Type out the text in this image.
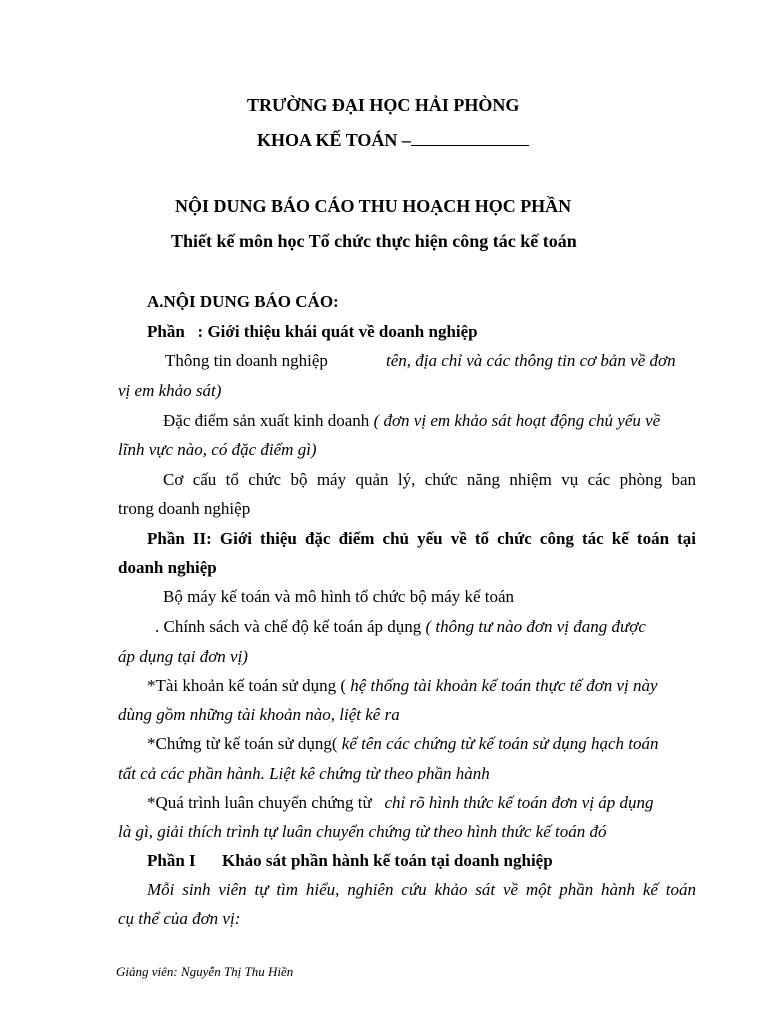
TRƯỜNG ĐẠI HỌC HẢI PHÒNG
KHOA KẾ TOÁN –
NỘI DUNG BÁO CÁO THU HOẠCH HỌC PHẦN
Thiết kế môn học Tổ chức thực hiện công tác kế toán
A.NỘI DUNG BÁO CÁO:
Phần : Giới thiệu khái quát về doanh nghiệp
Thông tin doanh nghiệp	tên, địa chỉ và các thông tin cơ bản về đơn
vị em khảo sát)
Đặc điểm sản xuất kinh doanh ( đơn vị em khảo sát hoạt động chủ yếu về
lĩnh vực nào, có đặc điểm gì)
Cơ cấu tổ chức bộ máy quản lý, chức năng nhiệm vụ các phòng ban
trong doanh nghiệp
Phần II: Giới thiệu đặc điểm chủ yếu về tổ chức công tác kế toán tại
doanh nghiệp
Bộ máy kế toán và mô hình tổ chức bộ máy kế toán
. Chính sách và chế độ kế toán áp dụng ( thông tư nào đơn vị đang được
áp dụng tại đơn vị)
*Tài khoản kế toán sử dụng ( hệ thống tài khoản kế toán thực tế đơn vị này
dùng gồm những tài khoản nào, liệt kê ra
*Chứng từ kế toán sử dụng( kể tên các chứng từ kế toán sử dụng hạch toán
tất cả các phần hành. Liệt kê chứng từ theo phần hành
*Quá trình luân chuyển chứng từ chỉ rõ hình thức kế toán đơn vị áp dụng
là gì, giải thích trình tự luân chuyển chứng từ theo hình thức kế toán đó
Phần I Khảo sát phần hành kế toán tại doanh nghiệp
Mỗi sinh viên tự tìm hiểu, nghiên cứu khảo sát về một phần hành kế toán
cụ thể của đơn vị:
Giảng viên: Nguyễn Thị Thu Hiền
